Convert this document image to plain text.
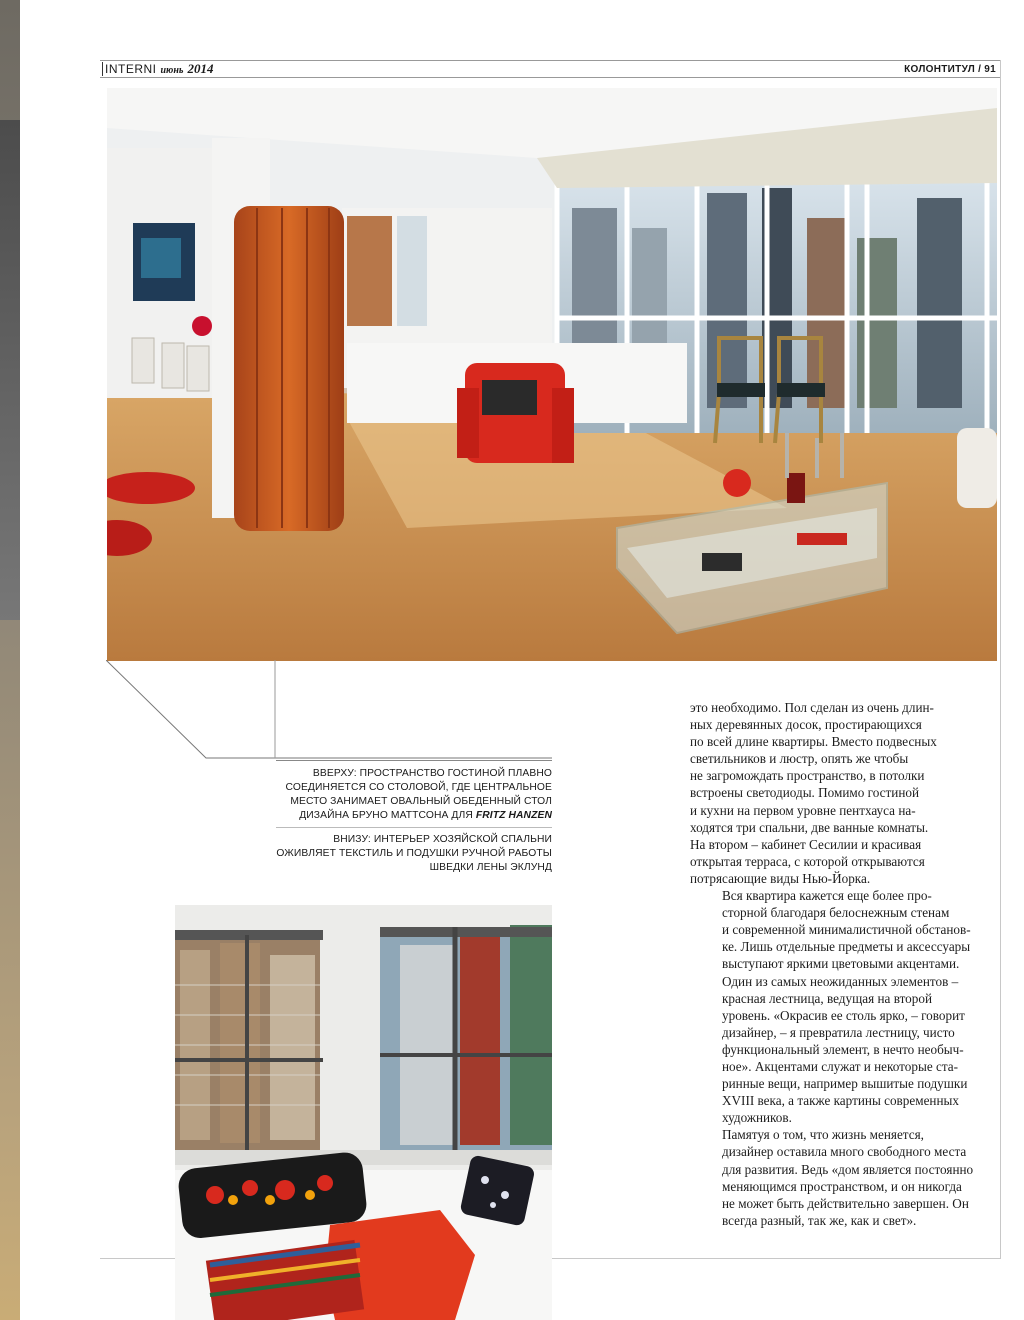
INTERNI июнь 2014	КОЛОНТИТУЛ / 91
ВВЕРХУ: ПРОСТРАНСТВО ГОСТИНОЙ ПЛАВНО СОЕДИНЯЕТСЯ СО СТОЛОВОЙ, ГДЕ ЦЕНТРАЛЬНОЕ МЕСТО ЗАНИМАЕТ ОВАЛЬНЫЙ ОБЕДЕННЫЙ СТОЛ ДИЗАЙНА БРУНО МАТТСОНА ДЛЯ FRITZ HANZEN
ВНИЗУ: ИНТЕРЬЕР ХОЗЯЙСКОЙ СПАЛЬНИ ОЖИВЛЯЕТ ТЕКСТИЛЬ И ПОДУШКИ РУЧНОЙ РАБОТЫ ШВЕДКИ ЛЕНЫ ЭКЛУНД

это необходимо. Пол сделан из очень длин-
ных деревянных досок, простирающихся
по всей длине квартиры. Вместо подвесных
светильников и люстр, опять же чтобы
не загромождать пространство, в потолки
встроены светодиоды. Помимо гостиной
и кухни на первом уровне пентхауса на-
ходятся три спальни, две ванные комнаты.
На втором – кабинет Сесилии и красивая
открытая терраса, с которой открываются
потрясающие виды Нью-Йорка.

Вся квартира кажется еще более про-
сторной благодаря белоснежным стенам
и современной минималистичной обстанов-
ке. Лишь отдельные предметы и аксессуары
выступают яркими цветовыми акцентами.
Один из самых неожиданных элементов –
красная лестница, ведущая на второй
уровень. «Окрасив ее столь ярко, – говорит
дизайнер, – я превратила лестницу, чисто
функциональный элемент, в нечто необыч-
ное». Акцентами служат и некоторые ста-
ринные вещи, например вышитые подушки
XVIII века, а также картины современных
художников.

Памятуя о том, что жизнь меняется,
дизайнер оставила много свободного места
для развития. Ведь «дом является постоянно
меняющимся пространством, и он никогда
не может быть действительно завершен. Он
всегда разный, так же, как и свет».
